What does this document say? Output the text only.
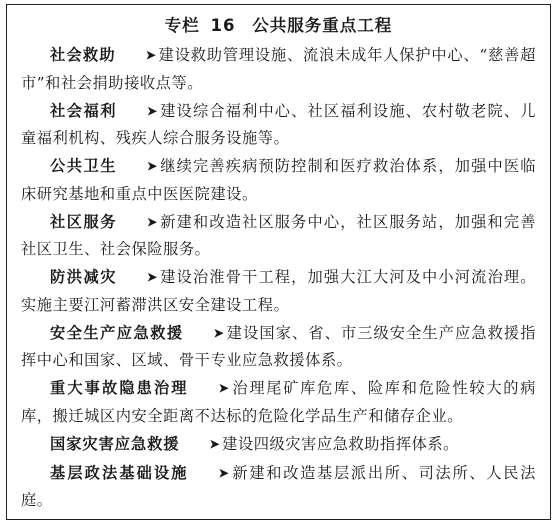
专栏 16 公共服务重点工程

社会救助	➤ 建设救助管理设施、流浪未成年人保护中心、“慈善超市”和社会捐助接收点等。

社会福利	➤ 建设综合福利中心、社区福利设施、农村敬老院、儿童福利机构、残疾人综合服务设施等。

公共卫生	➤ 继续完善疾病预防控制和医疗救治体系，加强中医临床研究基地和重点中医医院建设。

社区服务	➤ 新建和改造社区服务中心，社区服务站，加强和完善社区卫生、社会保险服务。

防洪减灾	➤ 建设治淮骨干工程，加强大江大河及中小河流治理。实施主要江河蓄滞洪区安全建设工程。

安全生产应急救援	➤ 建设国家、省、市三级安全生产应急救援指挥中心和国家、区域、骨干专业应急救援体系。

重大事故隐患治理	➤ 治理尾矿库危库、险库和危险性较大的病库，搬迁城区内安全距离不达标的危险化学品生产和储存企业。

国家灾害应急救援	➤ 建设四级灾害应急救助指挥体系。

基层政法基础设施	➤ 新建和改造基层派出所、司法所、人民法庭。
